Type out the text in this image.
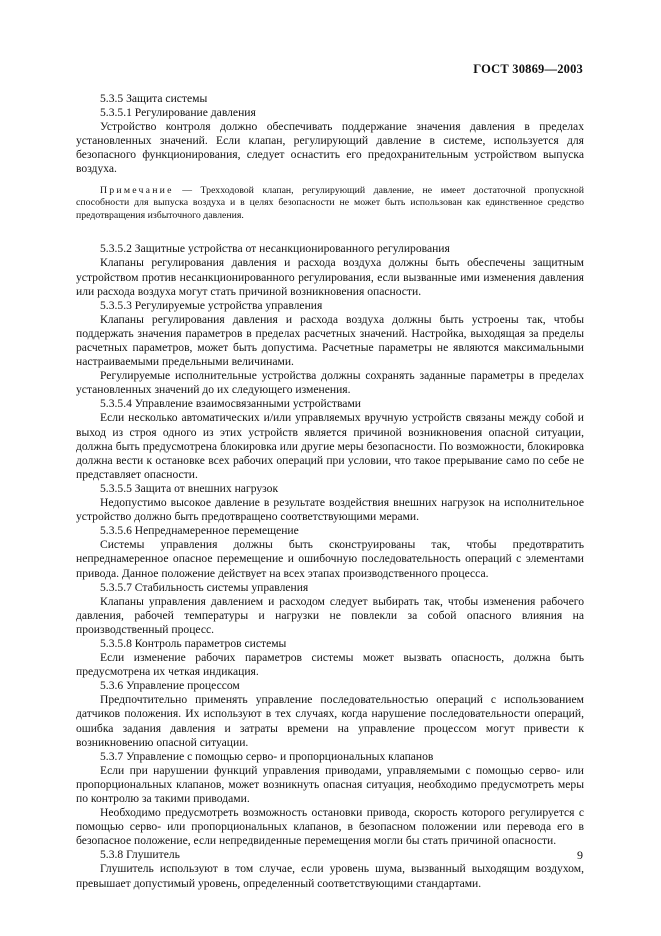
ГОСТ 30869—2003

5.3.5 Защита системы

5.3.5.1 Регулирование давления

Устройство контроля должно обеспечивать поддержание значения давления в пределах установленных значений. Если клапан, регулирующий давление в системе, используется для безопасного функционирования, следует оснастить его предохранительным устройством выпуска воздуха.

Примечание — Трехходовой клапан, регулирующий давление, не имеет достаточной пропускной способности для выпуска воздуха и в целях безопасности не может быть использован как единственное средство предотвращения избыточного давления.

5.3.5.2 Защитные устройства от несанкционированного регулирования

Клапаны регулирования давления и расхода воздуха должны быть обеспечены защитным устройством против несанкционированного регулирования, если вызванные ими изменения давления или расхода воздуха могут стать причиной возникновения опасности.

5.3.5.3 Регулируемые устройства управления

Клапаны регулирования давления и расхода воздуха должны быть устроены так, чтобы поддержать значения параметров в пределах расчетных значений. Настройка, выходящая за пределы расчетных параметров, может быть допустима. Расчетные параметры не являются максимальными настраиваемыми предельными величинами.

Регулируемые исполнительные устройства должны сохранять заданные параметры в пределах установленных значений до их следующего изменения.

5.3.5.4 Управление взаимосвязанными устройствами

Если несколько автоматических и/или управляемых вручную устройств связаны между собой и выход из строя одного из этих устройств является причиной возникновения опасной ситуации, должна быть предусмотрена блокировка или другие меры безопасности. По возможности, блокировка должна вести к остановке всех рабочих операций при условии, что такое прерывание само по себе не представляет опасности.

5.3.5.5 Защита от внешних нагрузок

Недопустимо высокое давление в результате воздействия внешних нагрузок на исполнительное устройство должно быть предотвращено соответствующими мерами.

5.3.5.6 Непреднамеренное перемещение

Системы управления должны быть сконструированы так, чтобы предотвратить непреднамеренное опасное перемещение и ошибочную последовательность операций с элементами привода. Данное положение действует на всех этапах производственного процесса.

5.3.5.7 Стабильность системы управления

Клапаны управления давлением и расходом следует выбирать так, чтобы изменения рабочего давления, рабочей температуры и нагрузки не повлекли за собой опасного влияния на производственный процесс.

5.3.5.8 Контроль параметров системы

Если изменение рабочих параметров системы может вызвать опасность, должна быть предусмотрена их четкая индикация.

5.3.6 Управление процессом

Предпочтительно применять управление последовательностью операций с использованием датчиков положения. Их используют в тех случаях, когда нарушение последовательности операций, ошибка задания давления и затраты времени на управление процессом могут привести к возникновению опасной ситуации.

5.3.7 Управление с помощью серво- и пропорциональных клапанов

Если при нарушении функций управления приводами, управляемыми с помощью серво- или пропорциональных клапанов, может возникнуть опасная ситуация, необходимо предусмотреть меры по контролю за такими приводами.

Необходимо предусмотреть возможность остановки привода, скорость которого регулируется с помощью серво- или пропорциональных клапанов, в безопасном положении или перевода его в безопасное положение, если непредвиденные перемещения могли бы стать причиной опасности.

5.3.8 Глушитель

Глушитель используют в том случае, если уровень шума, вызванный выходящим воздухом, превышает допустимый уровень, определенный соответствующими стандартами.

9
